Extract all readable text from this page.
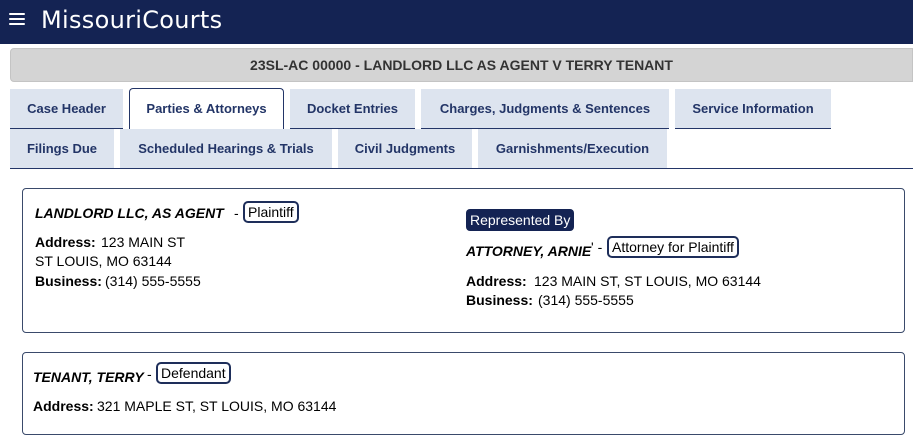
MissouriCourts
23SL-AC 00000 - LANDLORD LLC AS AGENT V TERRY TENANT
Case Header	Parties & Attorneys	Docket Entries	Charges, Judgments & Sentences	Service Information
Filings Due	Scheduled Hearings & Trials	Civil Judgments	Garnishments/Execution
LANDLORD LLC, AS AGENT - Plaintiff
Address: 123 MAIN ST
ST LOUIS, MO 63144
Business: (314) 555-5555
Represented By
ATTORNEY, ARNIE ' - Attorney for Plaintiff
Address: 123 MAIN ST, ST LOUIS, MO 63144
Business: (314) 555-5555
TENANT, TERRY - Defendant
Address: 321 MAPLE ST, ST LOUIS, MO 63144
